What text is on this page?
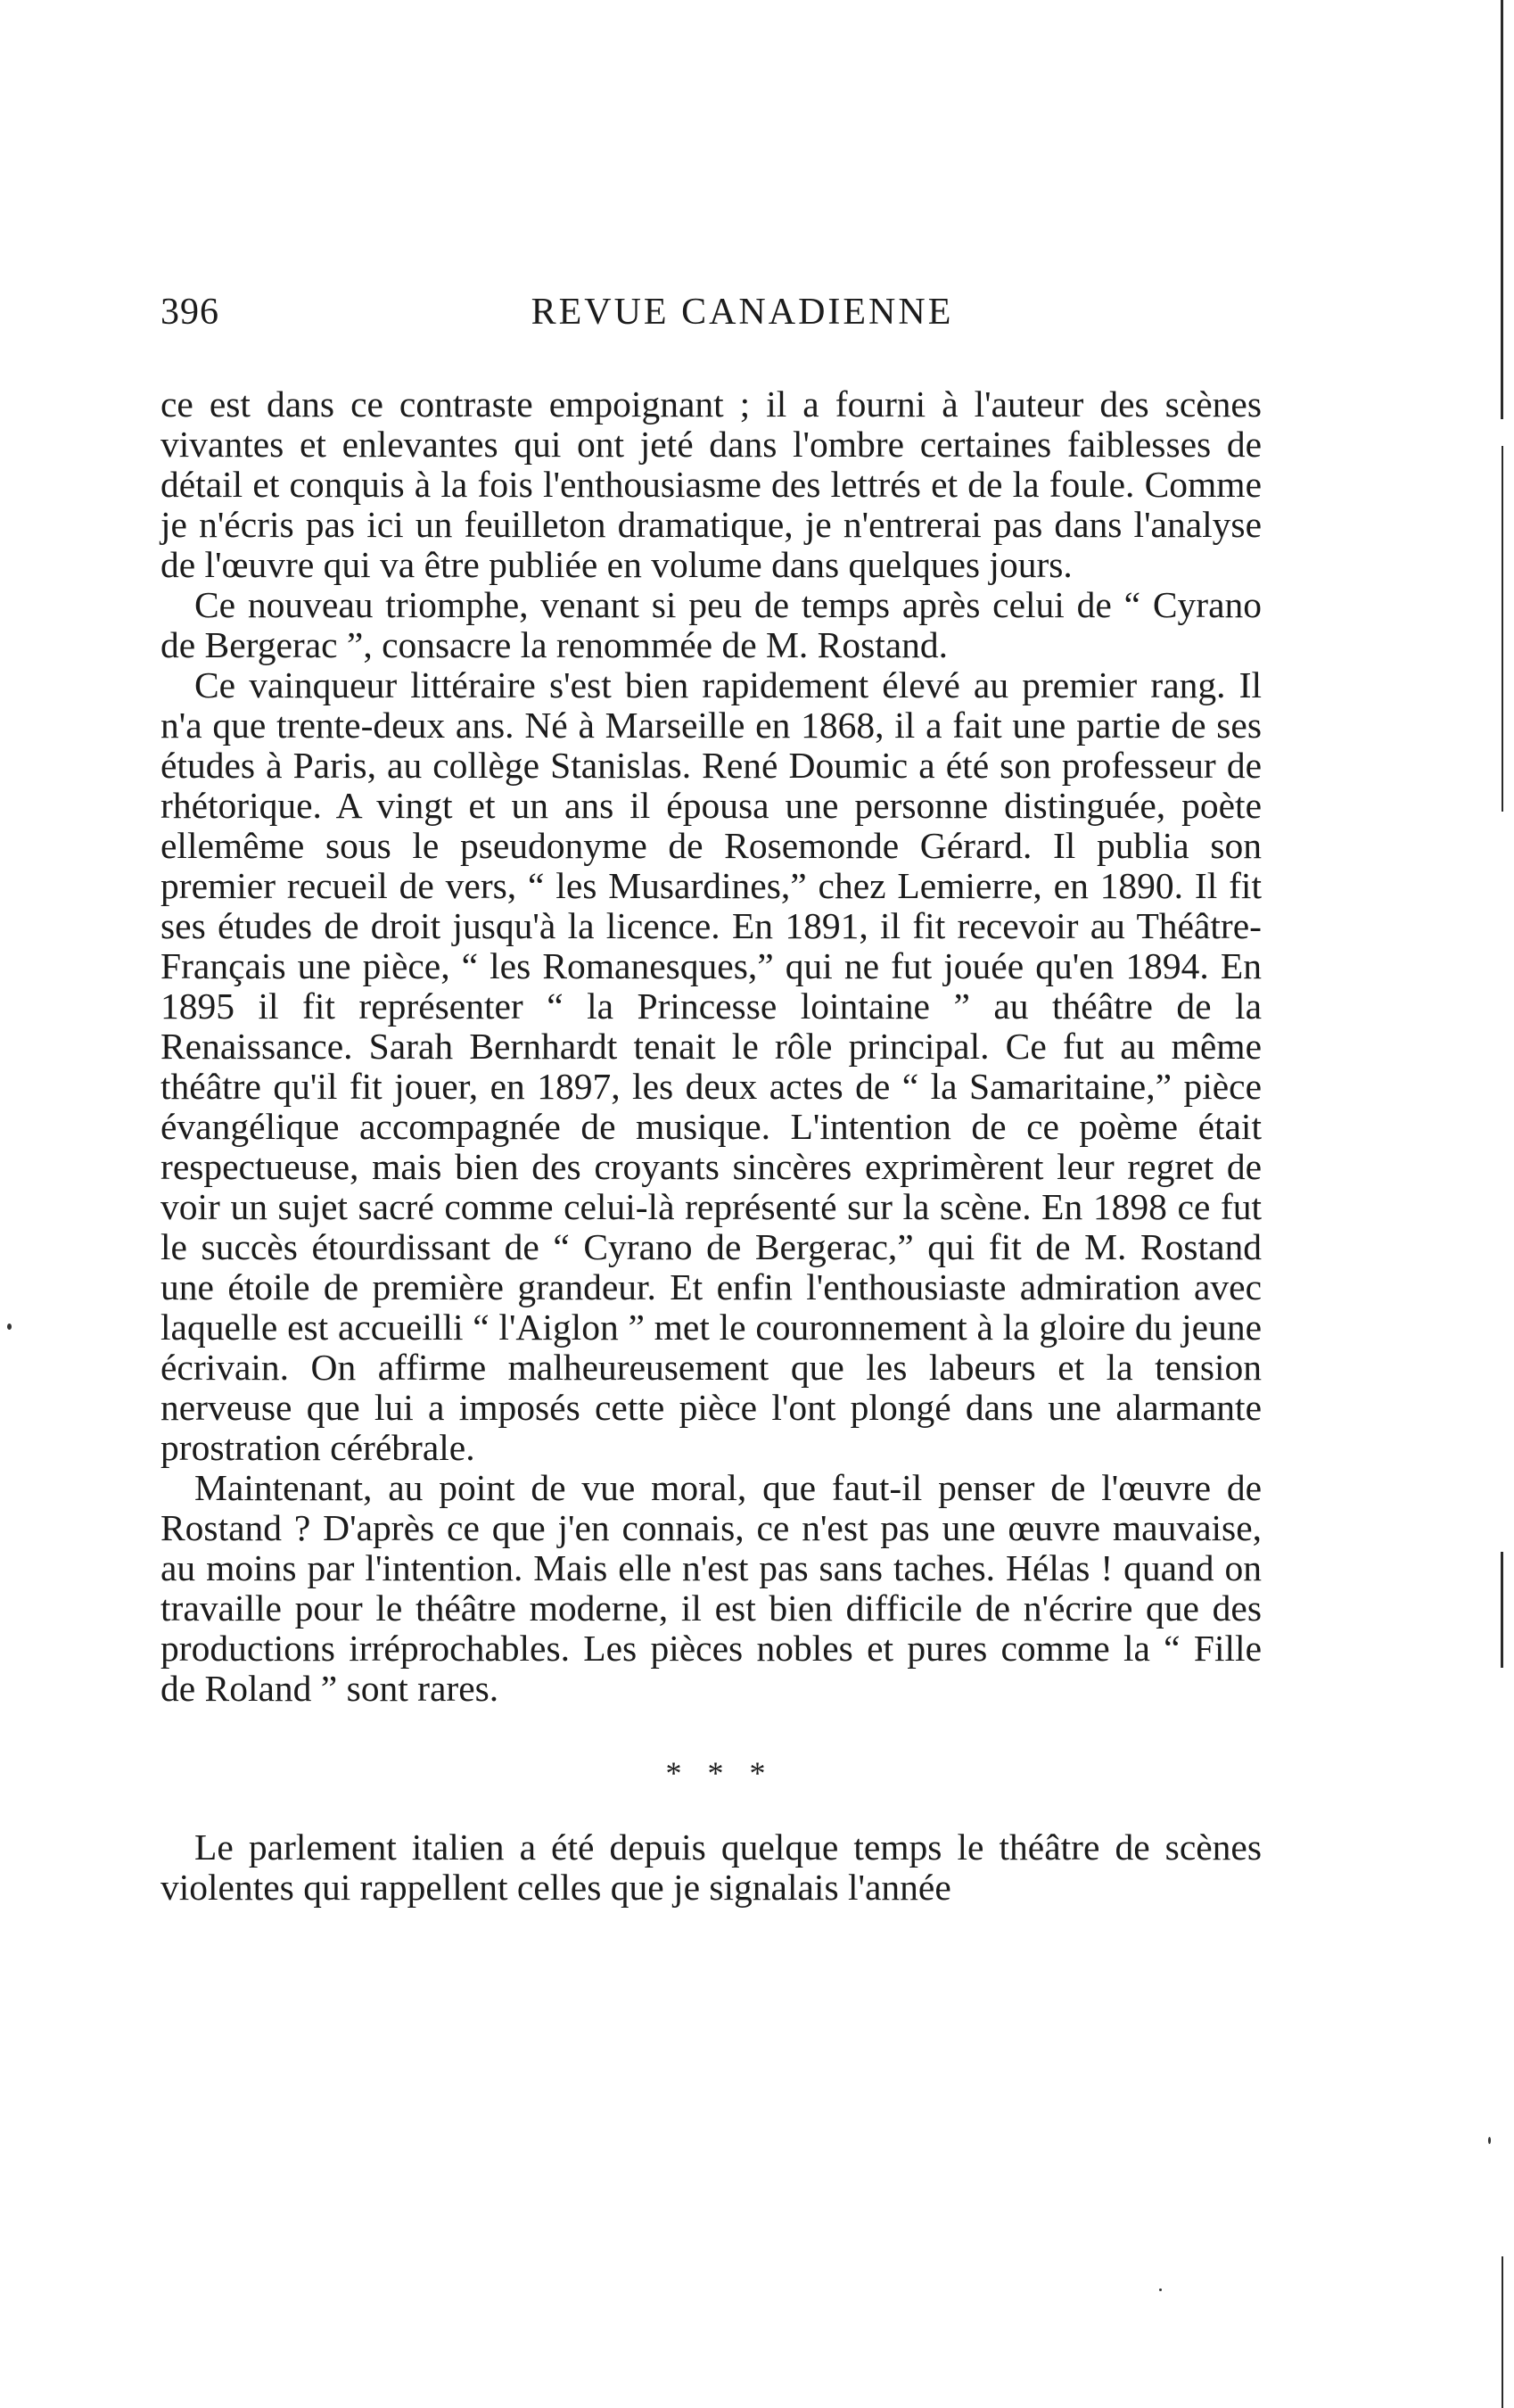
396	REVUE CANADIENNE

ce est dans ce contraste empoignant ; il a fourni à l'auteur des scènes vivantes et enlevantes qui ont jeté dans l'ombre certaines faiblesses de détail et conquis à la fois l'enthousiasme des lettrés et de la foule. Comme je n'écris pas ici un feuilleton dramatique, je n'entrerai pas dans l'analyse de l'œuvre qui va être publiée en volume dans quelques jours.

Ce nouveau triomphe, venant si peu de temps après celui de “ Cyrano de Bergerac ”, consacre la renommée de M. Rostand.

Ce vainqueur littéraire s'est bien rapidement élevé au premier rang. Il n'a que trente-deux ans. Né à Marseille en 1868, il a fait une partie de ses études à Paris, au collège Stanislas. René Doumic a été son professeur de rhétorique. A vingt et un ans il épousa une personne distinguée, poète ellemême sous le pseudonyme de Rosemonde Gérard. Il publia son premier recueil de vers, “ les Musardines,” chez Lemierre, en 1890. Il fit ses études de droit jusqu'à la licence. En 1891, il fit recevoir au Théâtre-Français une pièce, “ les Romanesques,” qui ne fut jouée qu'en 1894. En 1895 il fit représenter “ la Princesse lointaine ” au théâtre de la Renaissance. Sarah Bernhardt tenait le rôle principal. Ce fut au même théâtre qu'il fit jouer, en 1897, les deux actes de “ la Samaritaine,” pièce évangélique accompagnée de musique. L'intention de ce poème était respectueuse, mais bien des croyants sincères exprimèrent leur regret de voir un sujet sacré comme celui-là représenté sur la scène. En 1898 ce fut le succès étourdissant de “ Cyrano de Bergerac,” qui fit de M. Rostand une étoile de première grandeur. Et enfin l'enthousiaste admiration avec laquelle est accueilli “ l'Aiglon ” met le couronnement à la gloire du jeune écrivain. On affirme malheureusement que les labeurs et la tension nerveuse que lui a imposés cette pièce l'ont plongé dans une alarmante prostration cérébrale.

Maintenant, au point de vue moral, que faut-il penser de l'œuvre de Rostand ? D'après ce que j'en connais, ce n'est pas une œuvre mauvaise, au moins par l'intention. Mais elle n'est pas sans taches. Hélas ! quand on travaille pour le théâtre moderne, il est bien difficile de n'écrire que des productions irréprochables. Les pièces nobles et pures comme la “ Fille de Roland ” sont rares.

* * *

Le parlement italien a été depuis quelque temps le théâtre de scènes violentes qui rappellent celles que je signalais l'année
